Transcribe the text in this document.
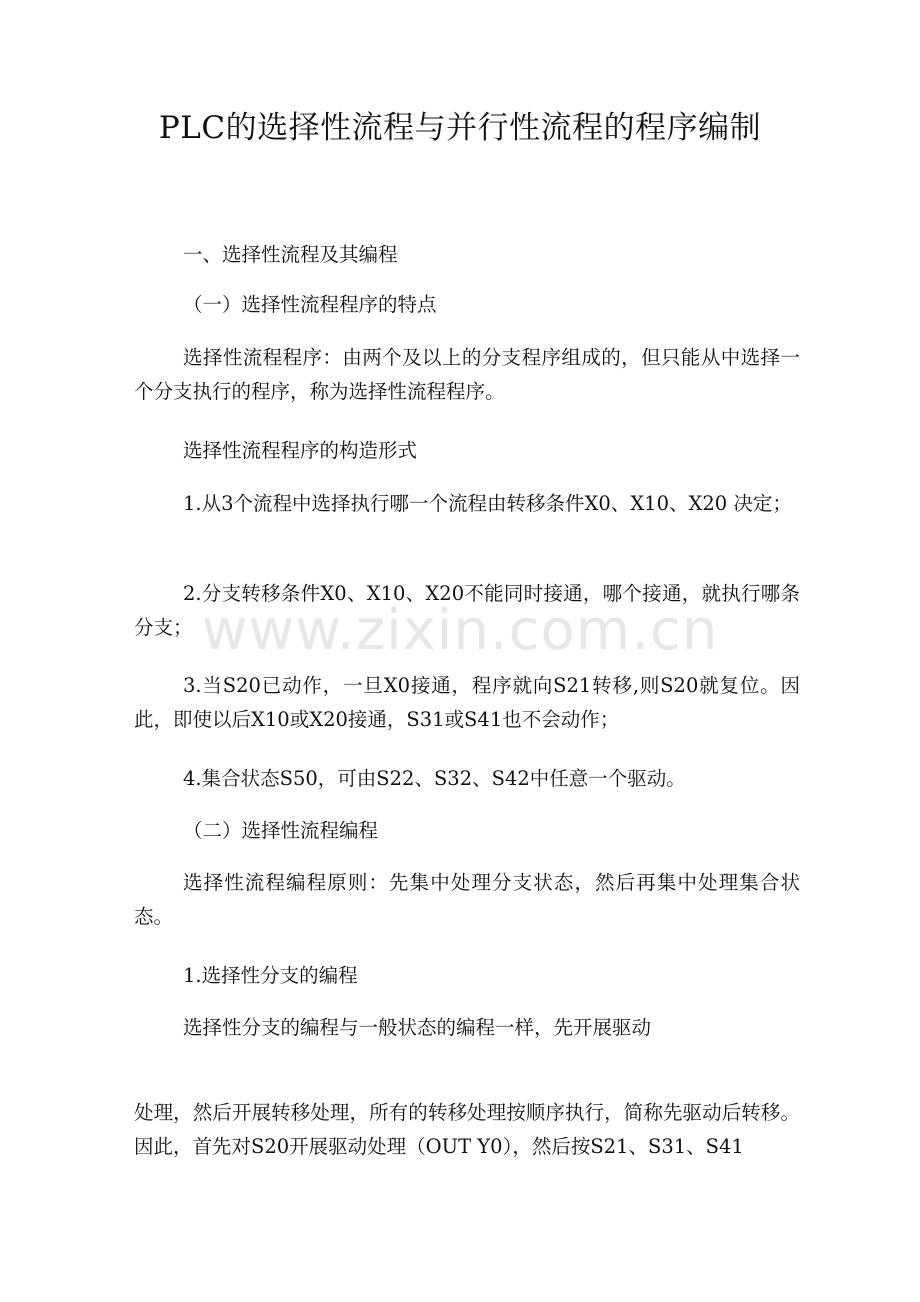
PLC的选择性流程与并行性流程的程序编制
一、选择性流程及其编程
（一）选择性流程程序的特点
选择性流程程序：由两个及以上的分支程序组成的，但只能从中选择一个分支执行的程序，称为选择性流程程序。
选择性流程程序的构造形式
1.从3个流程中选择执行哪一个流程由转移条件X0、X10、X20 决定；
2.分支转移条件X0、X10、X20不能同时接通，哪个接通，就执行哪条分支；
3.当S20已动作，一旦X0接通，程序就向S21转移,则S20就复位。因此，即使以后X10或X20接通，S31或S41也不会动作；
4.集合状态S50，可由S22、S32、S42中任意一个驱动。
（二）选择性流程编程
选择性流程编程原则：先集中处理分支状态，然后再集中处理集合状态。
1.选择性分支的编程
选择性分支的编程与一般状态的编程一样，先开展驱动
处理，然后开展转移处理，所有的转移处理按顺序执行，简称先驱动后转移。因此，首先对S20开展驱动处理（OUT Y0），然后按S21、S31、S41
www.zixin.com.cn
